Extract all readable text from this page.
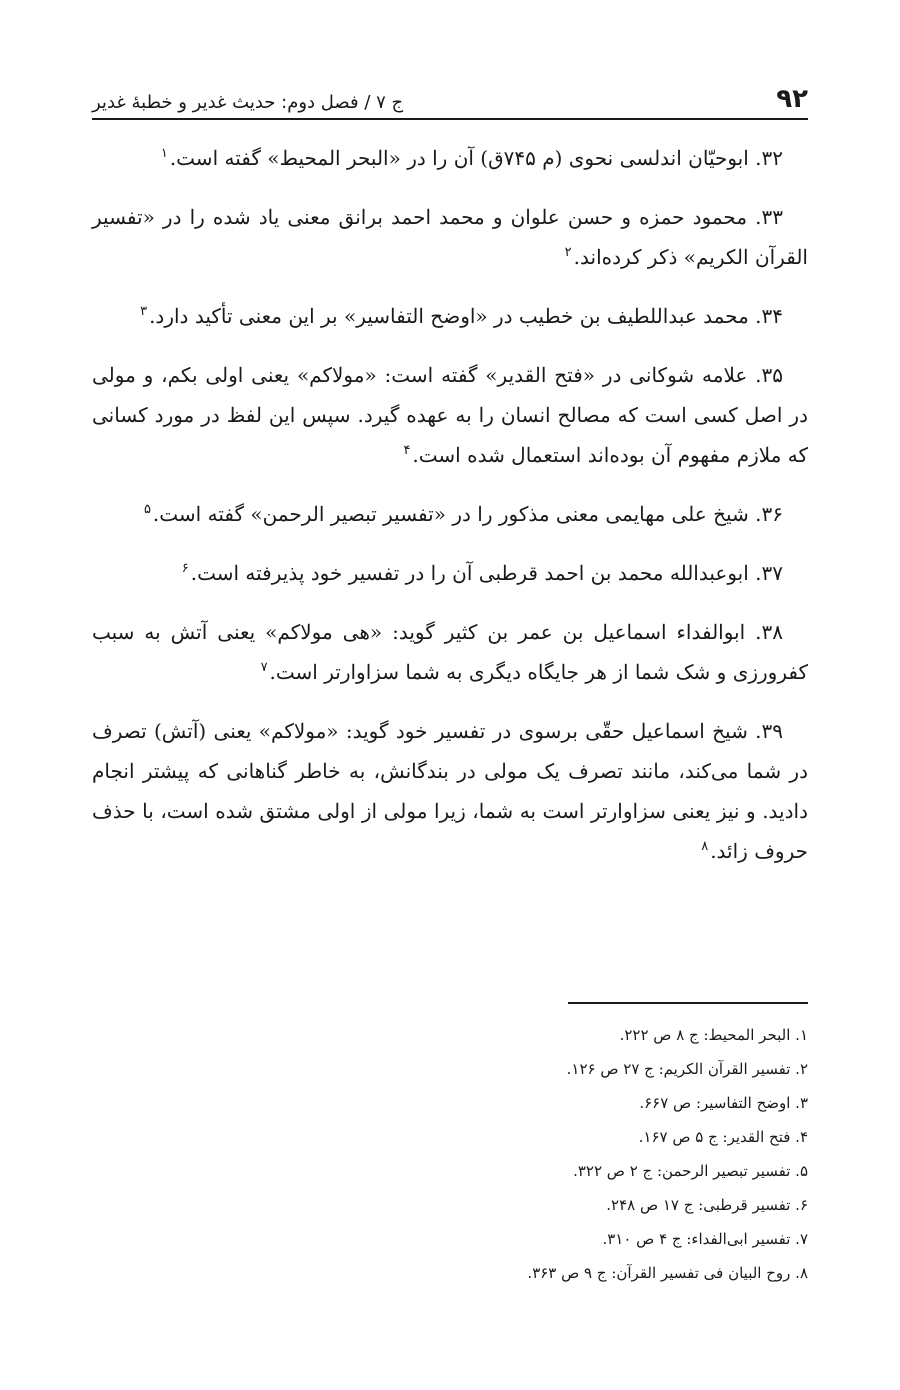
۹۲
ج ۷ / فصل دوم: حدیث غدیر و خطبهٔ غدیر

۳۲. ابوحیّان اندلسی نحوی (م ۷۴۵ق) آن را در «البحر المحیط» گفته است.$^۱$

۳۳. محمود حمزه و حسن علوان و محمد احمد برانق معنی یاد شده را در «تفسیر القرآن الکریم» ذکر کرده‌اند.$^۲$

۳۴. محمد عبداللطیف بن خطیب در «اوضح التفاسیر» بر این معنی تأکید دارد.$^۳$

۳۵. علامه شوکانی در «فتح القدیر» گفته است: «مولاکم» یعنی اولی بکم، و مولی در اصل کسی است که مصالح انسان را به عهده گیرد. سپس این لفظ در مورد کسانی که ملازم مفهوم آن بوده‌اند استعمال شده است.$^۴$

۳۶. شیخ علی مهایمی معنی مذکور را در «تفسیر تبصیر الرحمن» گفته است.$^۵$

۳۷. ابوعبدالله محمد بن احمد قرطبی آن را در تفسیر خود پذیرفته است.$^۶$

۳۸. ابوالفداء اسماعیل بن عمر بن کثیر گوید: «هی مولاکم» یعنی آتش به سبب کفرورزی و شک شما از هر جایگاه دیگری به شما سزاوارتر است.$^۷$

۳۹. شیخ اسماعیل حقّی برسوی در تفسیر خود گوید: «مولاکم» یعنی (آتش) تصرف در شما می‌کند، مانند تصرف یک مولی در بندگانش، به خاطر گناهانی که پیشتر انجام دادید. و نیز یعنی سزاوارتر است به شما، زیرا مولی از اولی مشتق شده است، با حذف حروف زائد.$^۸$

۱. البحر المحیط: ج ۸ ص ۲۲۲.
۲. تفسیر القرآن الکریم: ج ۲۷ ص ۱۲۶.
۳. اوضح التفاسیر: ص ۶۶۷.
۴. فتح القدیر: ج ۵ ص ۱۶۷.
۵. تفسیر تبصیر الرحمن: ج ۲ ص ۳۲۲.
۶. تفسیر قرطبی: ج ۱۷ ص ۲۴۸.
۷. تفسیر ابی‌الفداء: ج ۴ ص ۳۱۰.
۸. روح البیان فی تفسیر القرآن: ج ۹ ص ۳۶۳.
